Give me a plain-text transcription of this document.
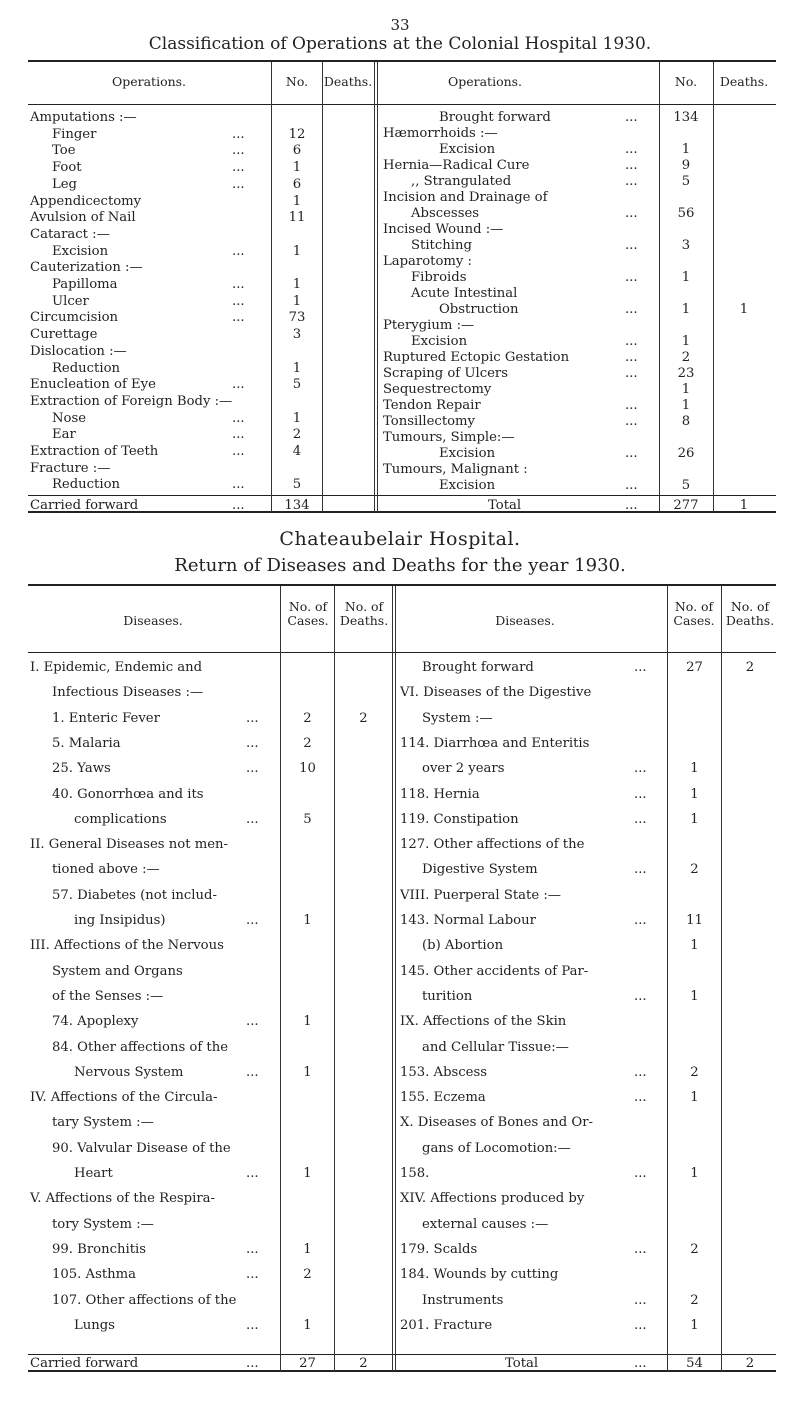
33
Classification of Operations at the Colonial Hospital 1930.
Operations.	No.	Deaths.	Operations.	No.	Deaths.
Amputations :—
Finger	...	12
Toe	...	6
Foot	...	1
Leg	...	6
Appendicectomy	1
Avulsion of Nail	11
Cataract :—
Excision	...	1
Cauterization :—
Papilloma	...	1
Ulcer	...	1
Circumcision	...	73
Curettage	3
Dislocation :—
Reduction	1
Enucleation of Eye	...	5
Extraction of Foreign Body :—
Nose	...	1
Ear	...	2
Extraction of Teeth	...	4
Fracture :—
Reduction	...	5
Brought forward	...	134
Hæmorrhoids :—
Excision	...	1
Hernia—Radical Cure	...	9
,, Strangulated	...	5
Incision and Drainage of
Abscesses	...	56
Incised Wound :—
Stitching	...	3
Laparotomy :
Fibroids	...	1
Acute Intestinal
Obstruction	...	1	1
Pterygium :—
Excision	...	1
Ruptured Ectopic Gestation	...	2
Scraping of Ulcers	...	23
Sequestrectomy	1
Tendon Repair	...	1
Tonsillectomy	...	8
Tumours, Simple:—
Excision	...	26
Tumours, Malignant :
Excision	...	5
Carried forward	...	134	Total	...	277	1
Chateaubelair Hospital.
Return of Diseases and Deaths for the year 1930.
Diseases.
No. of Cases.
No. of Deaths.	Diseases.
No. of Cases.
No. of Deaths.
I. Epidemic, Endemic and
Infectious Diseases :—
1. Enteric Fever	...	2	2
5. Malaria	...	2
25. Yaws	...	10
40. Gonorrhœa and its
complications	...	5
II. General Diseases not men-
tioned above :—
57. Diabetes (not includ-
ing Insipidus)	...	1
III. Affections of the Nervous
System and Organs
of the Senses :—
74. Apoplexy	...	1
84. Other affections of the
Nervous System	...	1
IV. Affections of the Circula-
tary System :—
90. Valvular Disease of the
Heart	...	1
V. Affections of the Respira-
tory System :—
99. Bronchitis	...	1
105. Asthma	...	2
107. Other affections of the
Lungs	...	1
Brought forward	...	27	2
VI. Diseases of the Digestive
System :—
114. Diarrhœa and Enteritis
over 2 years	...	1
118. Hernia	...	1
119. Constipation	...	1
127. Other affections of the
Digestive System	...	2
VIII. Puerperal State :—
143. Normal Labour	...	11
(b) Abortion	1
145. Other accidents of Par-
turition	...	1
IX. Affections of the Skin
and Cellular Tissue:—
153. Abscess	...	2
155. Eczema	...	1
X. Diseases of Bones and Or-
gans of Locomotion:—
158.	...	1
XIV. Affections produced by
external causes :—
179. Scalds	...	2
184. Wounds by cutting
Instruments	...	2
201. Fracture	...	1
Carried forward	...	27	2	Total	...	54	2
